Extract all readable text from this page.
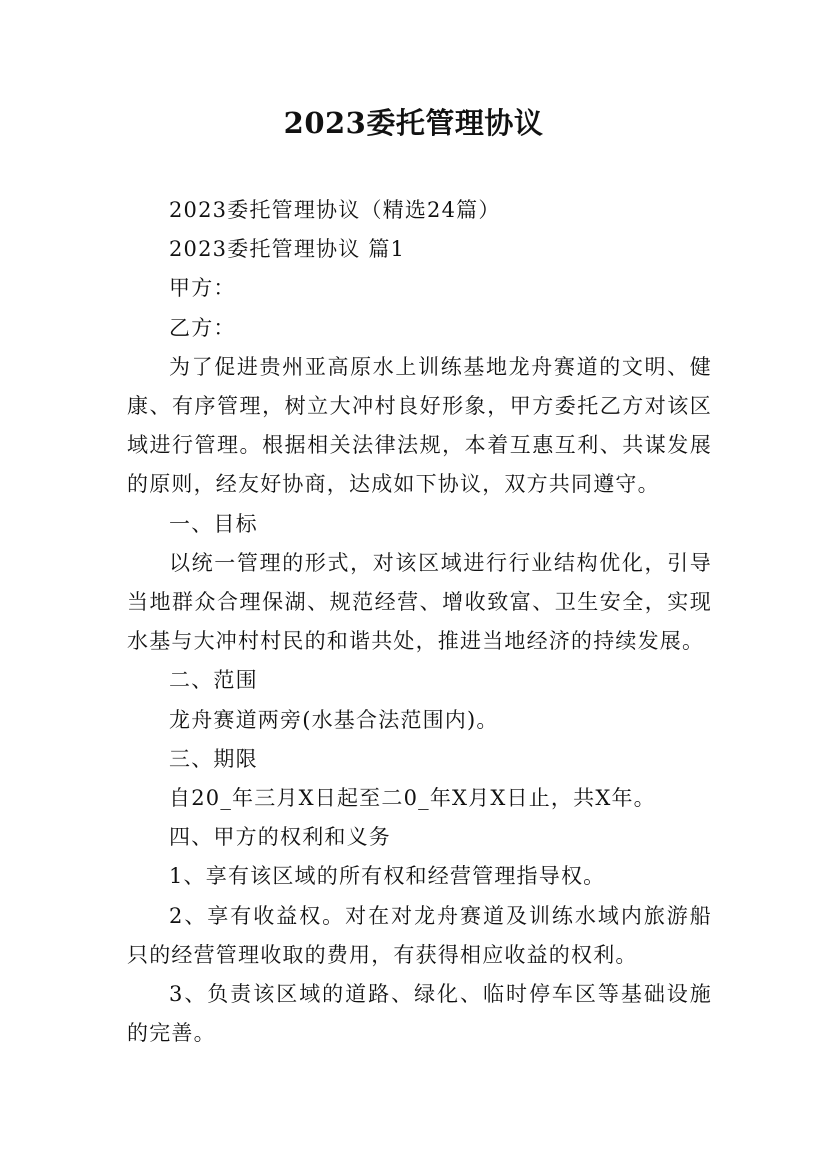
2023委托管理协议

2023委托管理协议（精选24篇）

2023委托管理协议 篇1

甲方：

乙方：

为了促进贵州亚高原水上训练基地龙舟赛道的文明、健康、有序管理，树立大冲村良好形象，甲方委托乙方对该区域进行管理。根据相关法律法规，本着互惠互利、共谋发展的原则，经友好协商，达成如下协议，双方共同遵守。

一、目标

以统一管理的形式，对该区域进行行业结构优化，引导当地群众合理保湖、规范经营、增收致富、卫生安全，实现水基与大冲村村民的和谐共处，推进当地经济的持续发展。

二、范围

龙舟赛道两旁(水基合法范围内)。

三、期限

自20_年三月X日起至二0_年X月X日止，共X年。

四、甲方的权利和义务

1、享有该区域的所有权和经营管理指导权。

2、享有收益权。对在对龙舟赛道及训练水域内旅游船只的经营管理收取的费用，有获得相应收益的权利。

3、负责该区域的道路、绿化、临时停车区等基础设施的完善。
